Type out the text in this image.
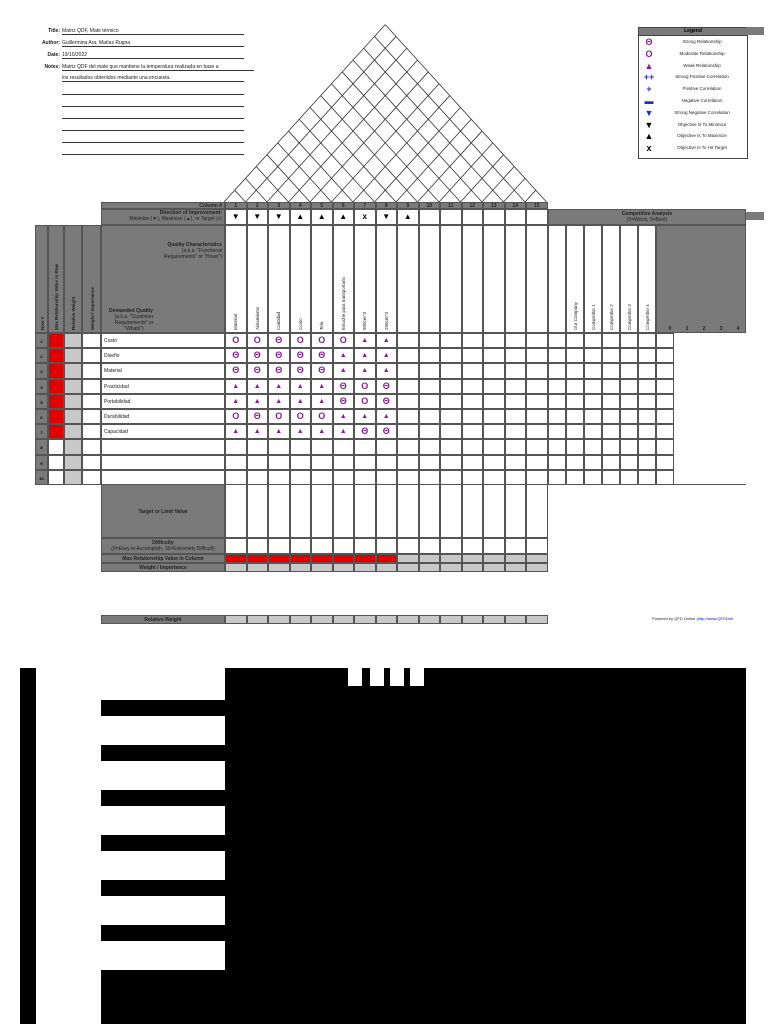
Title: Matriz QDF, Mate térmico
Author: Guillermina Ara, Matías Rugna
Date: 19/10/2022
Notes: Matriz QDF del mate que mantiene la temperatura realizada en base a
los resultados obtenidos mediante una encuesta.
Legend
Θ	Strong Relationship
O	Moderate Relationship
▲	Weak Relationship
++	Strong Positive Correlation
+	Positive Correlation
▬	Negative Correlation
▼	Strong Negative Correlation
▼	Objective Is To Minimize
▲	Objective Is To Maximize
x	Objective Is To Hit Target
Column #	1	2	3	4	5	6	7	8	9	10	11	12	13	14	15
Direction of Improvement:
Minimize (▼), Maximize (▲), or Target (x)	▼	▼	▼	▲	▲	▲	x	▼	▲	Competitive Analysis
(0=Worst, 5=Best)
Quality Characteristics
(a.k.a. "Functional
Requirements" or "Hows")
Demanded Quality
(a.k.a. "Customer
Requirements" or
"Whats")
Row # Max Relationship Value in Row	Relative Weight	Weight / Importance	Material	Aislamiento	Cantidad	Costo	Tela	Estuche para transportarlo	500cm^3	250cm^3	Our Company	Competitor 1	Competitor 2	Competitor 3	Competitor 4	0	1	2	3	4
1	Costo	O	O	Θ	O	O	O	▲	▲
2	Diseño	Θ	Θ	Θ	Θ	Θ	▲	▲	▲
3	Material	Θ	Θ	Θ	Θ	Θ	▲	▲	▲
4	Practicidad	▲	▲	▲	▲	▲	Θ	O	Θ
5	Portabilidad	▲	▲	▲	▲	▲	Θ	O	Θ
6	Durabilidad	O	Θ	O	O	O	▲	▲	▲
7	Capacidad	▲	▲	▲	▲	▲	▲	Θ	Θ
8
9
10
Target or Limit Value
Difficulty
(0=Easy to Accomplish, 10=Extremely Difficult)
Max Relationship Value in Column
Weight / Importance
Relative Weight	Powered by QFD Online (http://www.QFDOnli
